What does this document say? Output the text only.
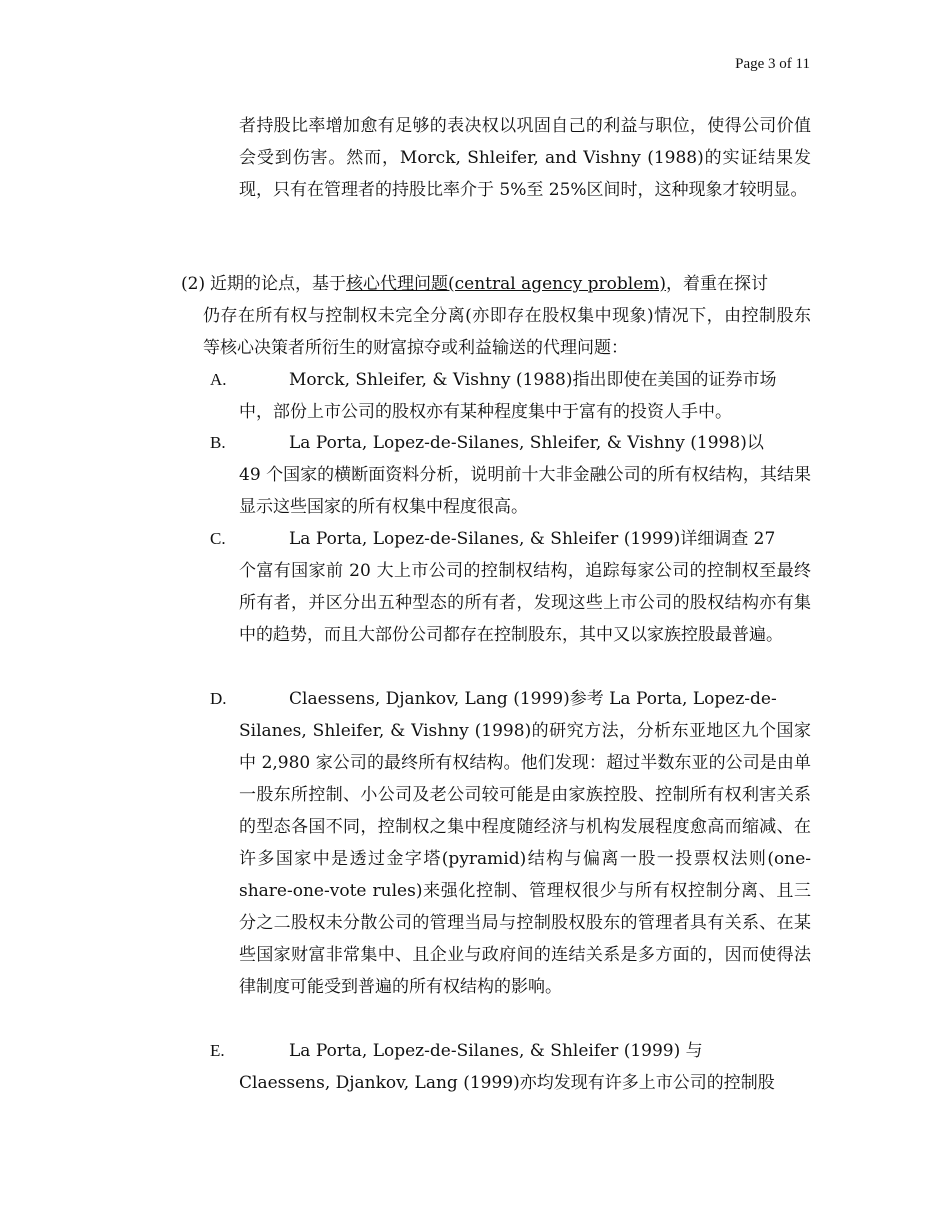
Page 3 of 11
者持股比率增加愈有足够的表决权以巩固自己的利益与职位，使得公司价值会受到伤害。然而，Morck, Shleifer, and Vishny (1988)的实证结果发现，只有在管理者的持股比率介于 5%至 25%区间时，这种现象才较明显。
(2) 近期的论点，基于核心代理问题(central agency problem)，着重在探讨
仍存在所有权与控制权未完全分离(亦即存在股权集中现象)情况下，由控制股东等核心决策者所衍生的财富掠夺或利益输送的代理问题：
A.	Morck, Shleifer, & Vishny (1988)指出即使在美国的证券市场
中，部份上市公司的股权亦有某种程度集中于富有的投资人手中。
B.	La Porta, Lopez-de-Silanes, Shleifer, & Vishny (1998)以
49 个国家的横断面资料分析，说明前十大非金融公司的所有权结构，其结果显示这些国家的所有权集中程度很高。
C.	La Porta, Lopez-de-Silanes, & Shleifer (1999)详细调查 27
个富有国家前 20 大上市公司的控制权结构，追踪每家公司的控制权至最终所有者，并区分出五种型态的所有者，发现这些上市公司的股权结构亦有集中的趋势，而且大部份公司都存在控制股东，其中又以家族控股最普遍。
D.	Claessens, Djankov, Lang (1999)参考 La Porta, Lopez-de-
Silanes, Shleifer, & Vishny (1998)的研究方法，分析东亚地区九个国家中 2,980 家公司的最终所有权结构。他们发现：超过半数东亚的公司是由单一股东所控制、小公司及老公司较可能是由家族控股、控制所有权利害关系的型态各国不同，控制权之集中程度随经济与机构发展程度愈高而缩减、在许多国家中是透过金字塔(pyramid)结构与偏离一股一投票权法则(one-share-one-vote rules)来强化控制、管理权很少与所有权控制分离、且三分之二股权未分散公司的管理当局与控制股权股东的管理者具有关系、在某些国家财富非常集中、且企业与政府间的连结关系是多方面的，因而使得法律制度可能受到普遍的所有权结构的影响。
E.	La Porta, Lopez-de-Silanes, & Shleifer (1999) 与
Claessens, Djankov, Lang (1999)亦均发现有许多上市公司的控制股
